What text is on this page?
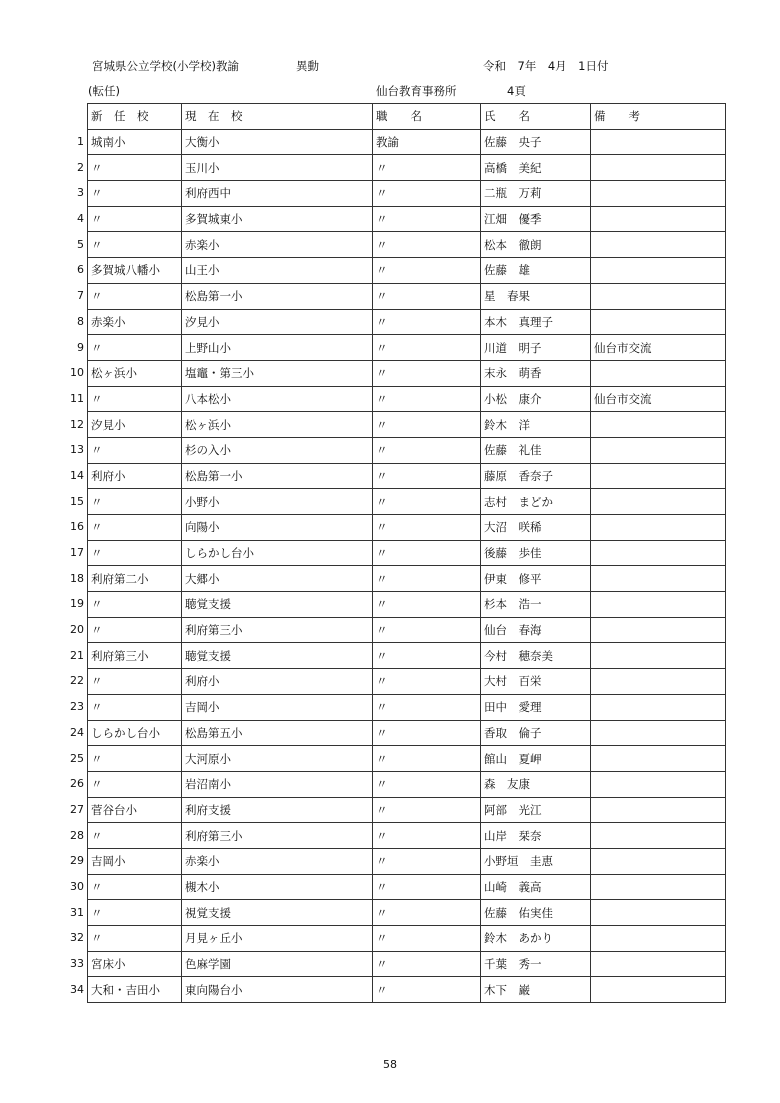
宮城県公立学校(小学校)教諭	異動	令和　7年　4月　1日付
(転任)	仙台教育事務所	4頁
新　任　校	現　在　校	職　　名	氏　　名	備　　考

1 城南小	大衡小	教諭	佐藤　央子	

2 〃	玉川小	〃	高橋　美紀	

3 〃	利府西中	〃	二瓶　万莉	

4 〃	多賀城東小	〃	江畑　優季	

5 〃	赤楽小	〃	松本　徹朗	

6 多賀城八幡小	山王小	〃	佐藤　雄	

7 〃	松島第一小	〃	星　春果	

8 赤楽小	汐見小	〃	本木　真理子	

9 〃	上野山小	〃	川道　明子	仙台市交流

10 松ヶ浜小	塩竈・第三小	〃	末永　萌香	

11 〃	八本松小	〃	小松　康介	仙台市交流

12 汐見小	松ヶ浜小	〃	鈴木　洋	

13 〃	杉の入小	〃	佐藤　礼佳	

14 利府小	松島第一小	〃	藤原　香奈子	

15 〃	小野小	〃	志村　まどか	

16 〃	向陽小	〃	大沼　咲稀	

17 〃	しらかし台小	〃	後藤　歩佳	

18 利府第二小	大郷小	〃	伊東　修平	

19 〃	聴覚支援	〃	杉本　浩一	

20 〃	利府第三小	〃	仙台　春海	

21 利府第三小	聴覚支援	〃	今村　穂奈美	

22 〃	利府小	〃	大村　百栄	

23 〃	吉岡小	〃	田中　愛理	

24 しらかし台小	松島第五小	〃	香取　倫子	

25 〃	大河原小	〃	館山　夏岬	

26 〃	岩沼南小	〃	森　友康	

27 菅谷台小	利府支援	〃	阿部　光江	

28 〃	利府第三小	〃	山岸　栞奈	

29 吉岡小	赤楽小	〃	小野垣　圭恵	

30 〃	槻木小	〃	山崎　義高	

31 〃	視覚支援	〃	佐藤　佑実佳	

32 〃	月見ヶ丘小	〃	鈴木　あかり	

33 宮床小	色麻学園	〃	千葉　秀一	

34 大和・吉田小	東向陽台小	〃	木下　巌	
58
